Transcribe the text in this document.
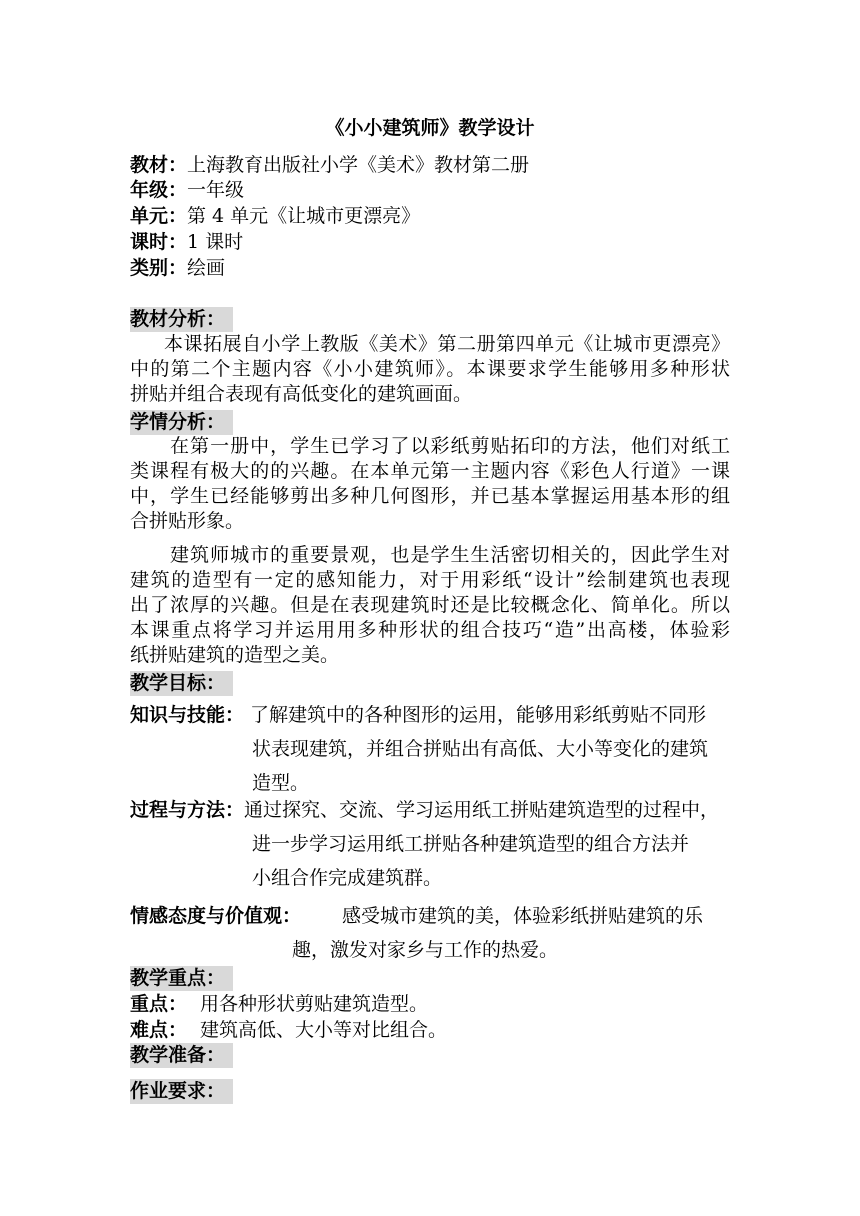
《小小建筑师》教学设计
教材：上海教育出版社小学《美术》教材第二册
年级：一年级
单元：第 4 单元《让城市更漂亮》
课时：1 课时
类别：绘画
教材分析：
本课拓展自小学上教版《美术》第二册第四单元《让城市更漂亮》
中的第二个主题内容《小小建筑师》。本课要求学生能够用多种形状
拼贴并组合表现有高低变化的建筑画面。
学情分析：
在第一册中，学生已学习了以彩纸剪贴拓印的方法，他们对纸工
类课程有极大的的兴趣。在本单元第一主题内容《彩色人行道》一课
中，学生已经能够剪出多种几何图形，并已基本掌握运用基本形的组
合拼贴形象。
建筑师城市的重要景观，也是学生生活密切相关的，因此学生对
建筑的造型有一定的感知能力，对于用彩纸“设计”绘制建筑也表现
出了浓厚的兴趣。但是在表现建筑时还是比较概念化、简单化。所以
本课重点将学习并运用用多种形状的组合技巧“造”出高楼，体验彩
纸拼贴建筑的造型之美。
教学目标：
知识与技能： 了解建筑中的各种图形的运用，能够用彩纸剪贴不同形
状表现建筑，并组合拼贴出有高低、大小等变化的建筑
造型。
过程与方法： 通过探究、交流、学习运用纸工拼贴建筑造型的过程中，
进一步学习运用纸工拼贴各种建筑造型的组合方法并
小组合作完成建筑群。
情感态度与价值观：	感受城市建筑的美，体验彩纸拼贴建筑的乐
趣，激发对家乡与工作的热爱。
教学重点：
重点： 用各种形状剪贴建筑造型。
难点： 建筑高低、大小等对比组合。
教学准备：
作业要求：
